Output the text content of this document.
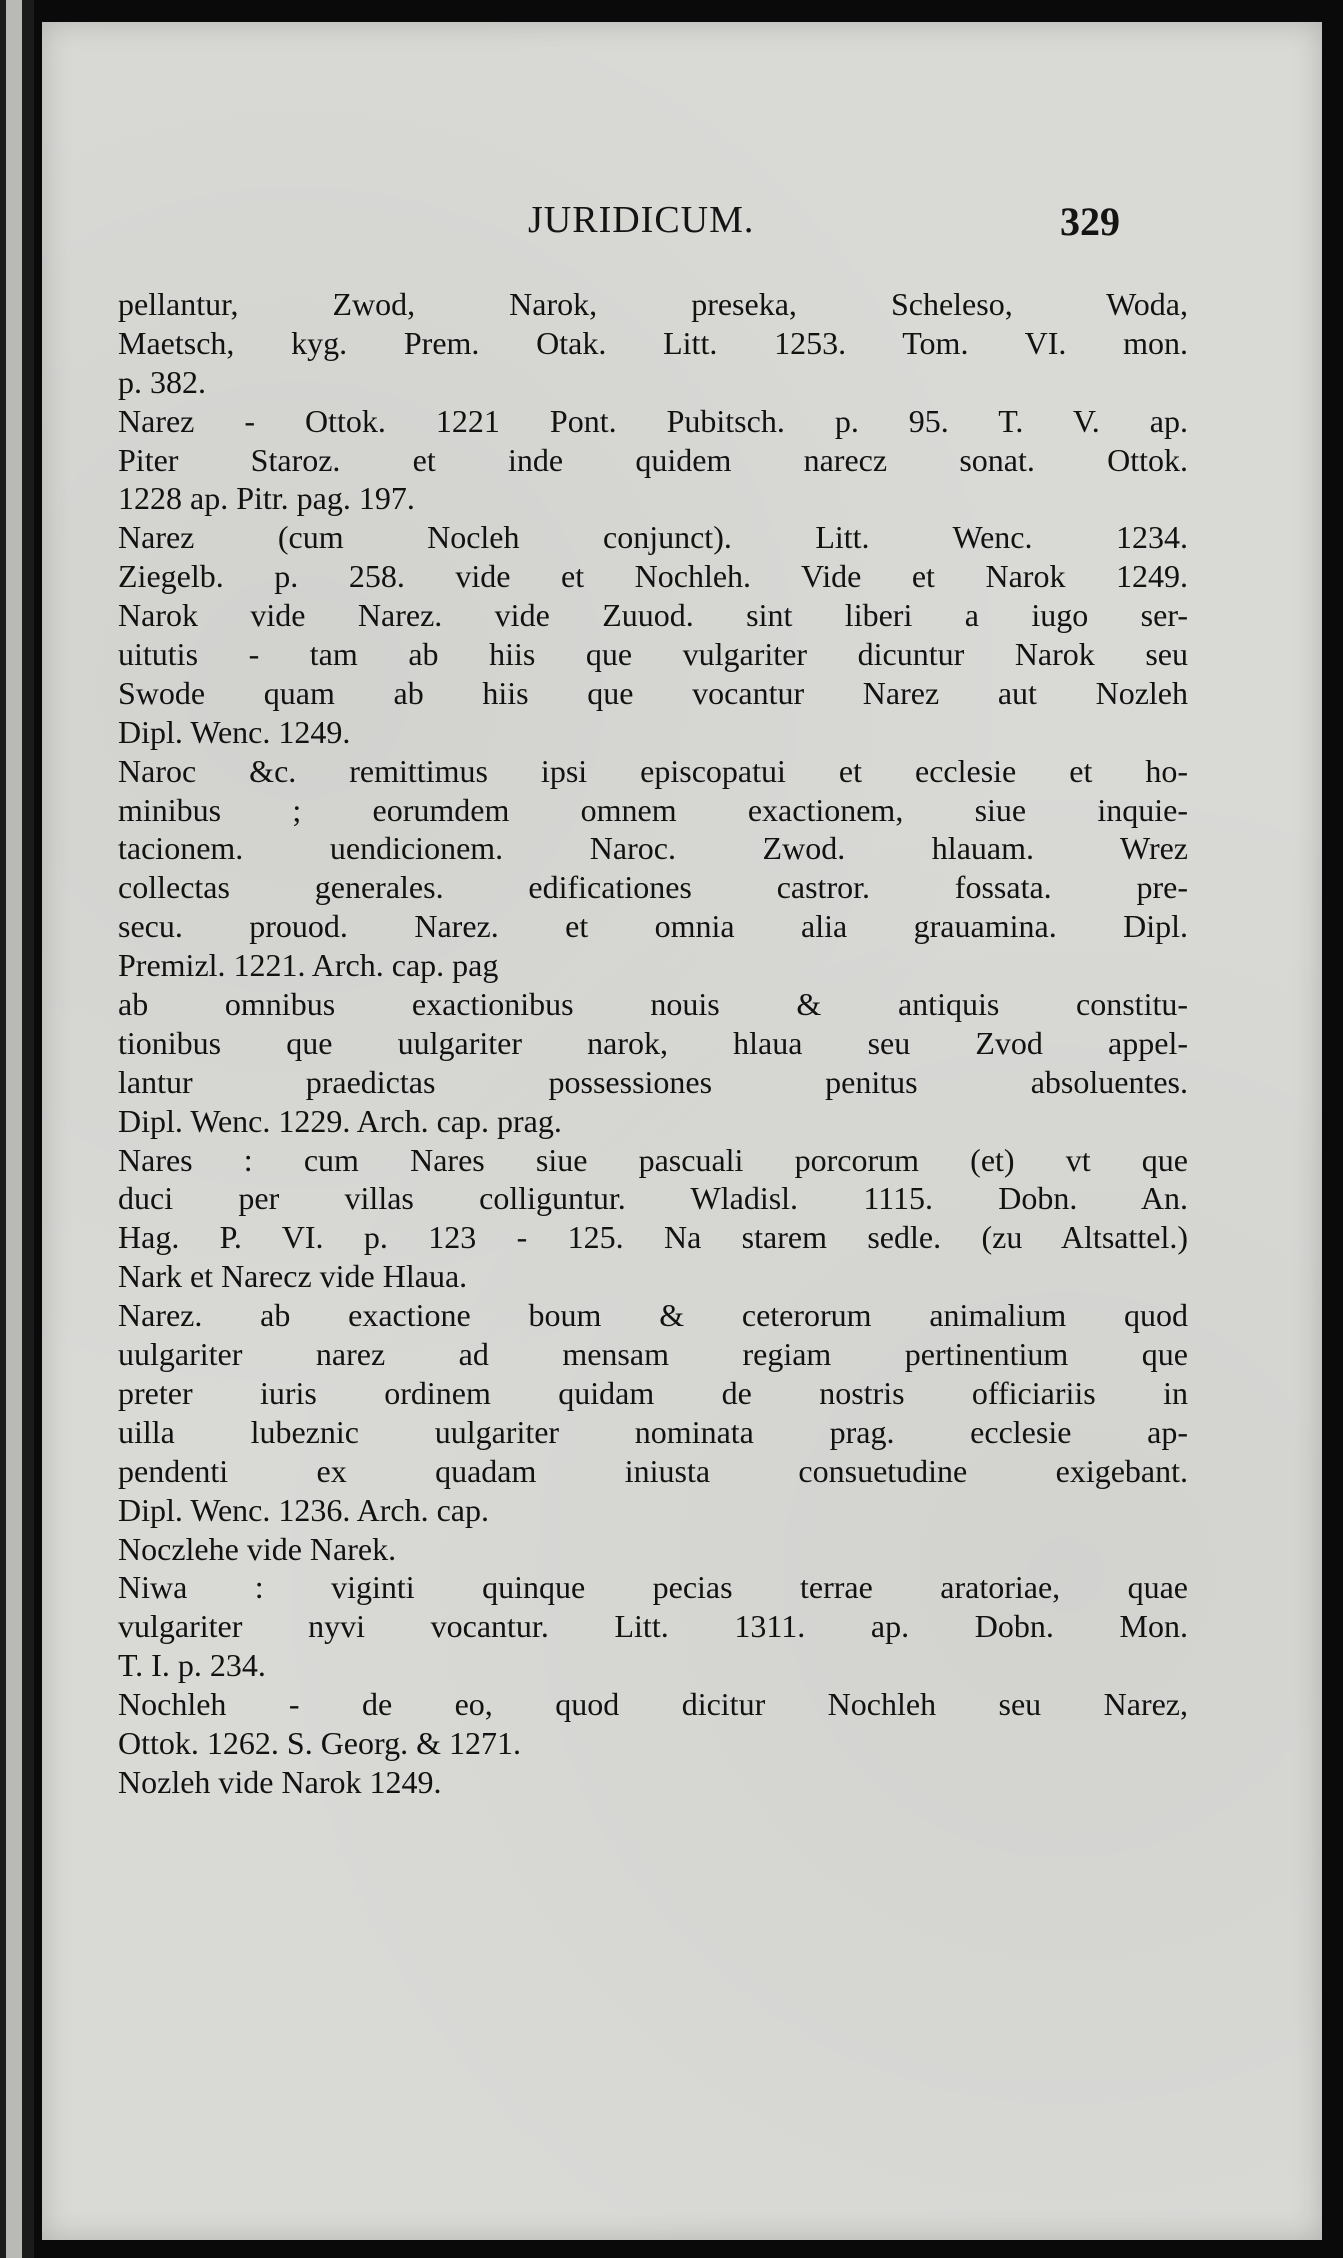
JURIDICUM.	329
pellantur, Zwod, Narok, preseka, Scheleso, Woda,
Maetsch, kyg. Prem. Otak. Litt. 1253. Tom. VI. mon.
p. 382.
Narez - Ottok. 1221 Pont. Pubitsch. p. 95. T. V. ap.
Piter Staroz. et inde quidem narecz sonat. Ottok.
1228 ap. Pitr. pag. 197.
Narez (cum Nocleh conjunct). Litt. Wenc. 1234.
Ziegelb. p. 258. vide et Nochleh. Vide et Narok 1249.
Narok vide Narez. vide Zuuod. sint liberi a iugo ser-
uitutis - tam ab hiis que vulgariter dicuntur Narok seu
Swode quam ab hiis que vocantur Narez aut Nozleh
Dipl. Wenc. 1249.
Naroc &c. remittimus ipsi episcopatui et ecclesie et ho-
minibus ; eorumdem omnem exactionem, siue inquie-
tacionem. uendicionem. Naroc. Zwod. hlauam. Wrez
collectas generales. edificationes castror. fossata. pre-
secu. prouod. Narez. et omnia alia grauamina. Dipl.
Premizl. 1221. Arch. cap. pag
ab omnibus exactionibus nouis & antiquis constitu-
tionibus que uulgariter narok, hlaua seu Zvod appel-
lantur praedictas possessiones penitus absoluentes.
Dipl. Wenc. 1229. Arch. cap. prag.
Nares : cum Nares siue pascuali porcorum (et) vt que
duci per villas colliguntur. Wladisl. 1115. Dobn. An.
Hag. P. VI. p. 123 - 125. Na starem sedle. (zu Altsattel.)
Nark et Narecz vide Hlaua.
Narez. ab exactione boum & ceterorum animalium quod
uulgariter narez ad mensam regiam pertinentium que
preter iuris ordinem quidam de nostris officiariis in
uilla lubeznic uulgariter nominata prag. ecclesie ap-
pendenti ex quadam iniusta consuetudine exigebant.
Dipl. Wenc. 1236. Arch. cap.
Noczlehe vide Narek.
Niwa : viginti quinque pecias terrae aratoriae, quae
vulgariter nyvi vocantur. Litt. 1311. ap. Dobn. Mon.
T. I. p. 234.
Nochleh - de eo, quod dicitur Nochleh seu Narez,
Ottok. 1262. S. Georg. & 1271.
Nozleh vide Narok 1249.
